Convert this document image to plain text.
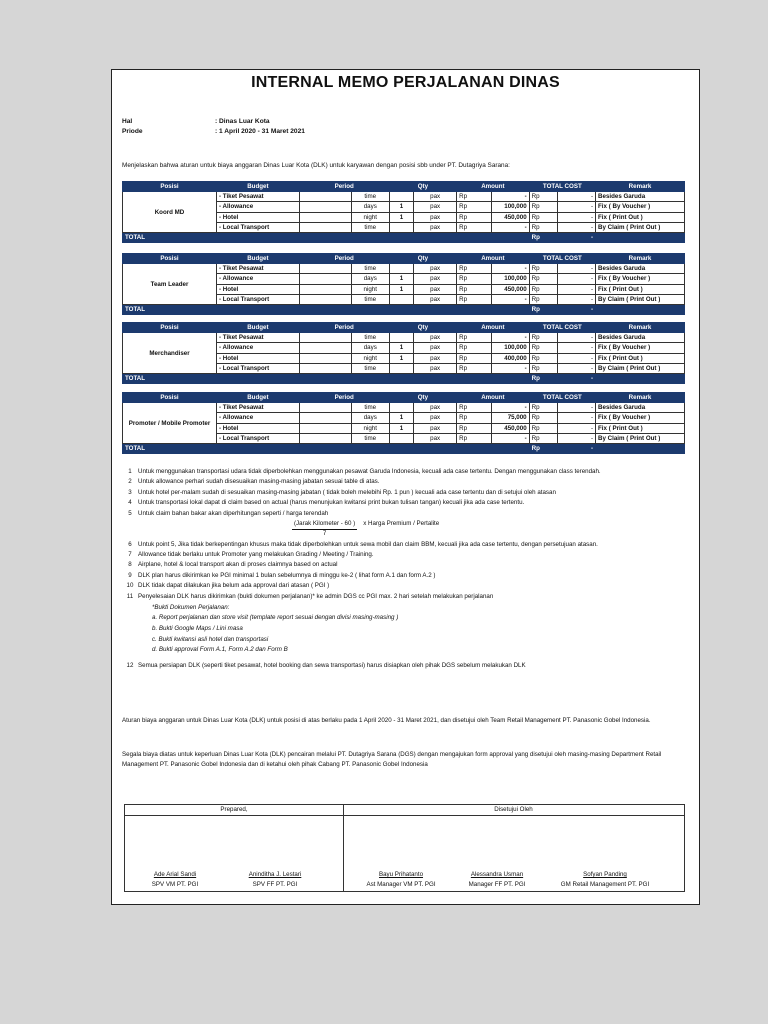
INTERNAL MEMO PERJALANAN DINAS
Hal	: Dinas Luar Kota
Priode	: 1 April 2020 - 31 Maret 2021
Menjelaskan bahwa aturan untuk biaya anggaran Dinas Luar Kota (DLK) untuk karyawan dengan posisi sbb under PT. Dutagriya Sarana:
Posisi	Budget	Period		Qty		Amount		TOTAL COST		Remark
Koord MD	- Tiket Pesawat		time		pax	Rp	-	Rp	-	Besides Garuda
	- Allowance		days	1	pax	Rp	100,000	Rp	-	Fix ( By Voucher )
	- Hotel		night	1	pax	Rp	450,000	Rp	-	Fix ( Print Out )
	- Local Transport		time		pax	Rp	-	Rp	-	By Claim ( Print Out )
TOTAL								Rp	-	
Posisi	Budget	Period		Qty		Amount		TOTAL COST		Remark
Team Leader	- Tiket Pesawat		time		pax	Rp	-	Rp	-	Besides Garuda
	- Allowance		days	1	pax	Rp	100,000	Rp	-	Fix ( By Voucher )
	- Hotel		night	1	pax	Rp	450,000	Rp	-	Fix ( Print Out )
	- Local Transport		time		pax	Rp	-	Rp	-	By Claim ( Print Out )
TOTAL								Rp	-	
Posisi	Budget	Period		Qty		Amount		TOTAL COST		Remark
Merchandiser	- Tiket Pesawat		time		pax	Rp	-	Rp	-	Besides Garuda
	- Allowance		days	1	pax	Rp	100,000	Rp	-	Fix ( By Voucher )
	- Hotel		night	1	pax	Rp	400,000	Rp	-	Fix ( Print Out )
	- Local Transport		time		pax	Rp	-	Rp	-	By Claim ( Print Out )
TOTAL								Rp	-	
Posisi	Budget	Period		Qty		Amount		TOTAL COST		Remark
Promoter / Mobile Promoter	- Tiket Pesawat		time		pax	Rp	-	Rp	-	Besides Garuda
	- Allowance		days	1	pax	Rp	75,000	Rp	-	Fix ( By Voucher )
	- Hotel		night	1	pax	Rp	450,000	Rp	-	Fix ( Print Out )
	- Local Transport		time		pax	Rp	-	Rp	-	By Claim ( Print Out )
TOTAL								Rp	-	
1	Untuk menggunakan transportasi udara tidak diperbolehkan menggunakan pesawat Garuda Indonesia, kecuali ada case tertentu. Dengan menggunakan class terendah.
2	Untuk allowance perhari sudah disesuaikan masing-masing jabatan sesuai table di atas.
3	Untuk hotel per-malam sudah di sesuaikan masing-masing jabatan ( tidak boleh melebihi Rp. 1 pun ) kecuali ada case tertentu dan di setujui oleh atasan
4	Untuk transportasi lokal dapat di claim based on actual (harus menunjukan kwitansi print bukan tulisan tangan) kecuali jika ada case tertentu.
5	Untuk claim bahan bakar akan diperhitungan seperti / harga terendah
$\frac{\text{(Jarak Kilometer - 60 )}}{7}$ x Harga Premium / Pertalite
6	Untuk point 5, Jika tidak berkepentingan khusus maka tidak diperbolehkan untuk sewa mobil dan claim BBM, kecuali jika ada case tertentu, dengan persetujuan atasan.
7	Allowance tidak berlaku untuk Promoter yang melakukan Grading / Meeting / Training.
8	Airplane, hotel & local transport akan di proses claimnya based on actual
9	DLK plan harus dikirimkan ke PGI minimal 1 bulan sebelumnya di minggu ke-2 ( lihat form A.1 dan form A.2 )
10 DLK tidak dapat dilakukan jika belum ada approval dari atasan ( PGI )
11 Penyelesaian DLK harus dikirimkan (bukti dokumen perjalanan)* ke admin DGS cc PGI max. 2 hari setelah melakukan perjalanan
*Bukti Dokumen Perjalanan:
a. Report perjalanan dan store visit (template report sesuai dengan divisi masing-masing )
b. Bukti Google Maps / Lini masa
c. Bukti kwitansi asli hotel dan transportasi
d. Bukti approval Form A.1, Form A.2 dan Form B
12 Semua persiapan DLK (seperti tiket pesawat, hotel booking dan sewa transportasi) harus disiapkan oleh pihak DGS sebelum melakukan DLK
Aturan biaya anggaran untuk Dinas Luar Kota (DLK) untuk posisi di atas berlaku pada 1 April 2020 - 31 Maret 2021, dan disetujui oleh Team Retail Management PT. Panasonic Gobel Indonesia.
Segala biaya diatas untuk keperluan Dinas Luar Kota (DLK) pencairan melalui PT. Dutagriya Sarana (DGS) dengan mengajukan form approval yang disetujui oleh masing-masing Department Retail Management PT. Panasonic Gobel Indonesia dan di ketahui oleh pihak Cabang PT. Panasonic Gobel Indonesia
Prepared,	Disetujui Oleh
Ade Arial Sandi
SPV VM PT. PGI
Aninditha J. Lestari
SPV FF PT. PGI
Bayu Prihatanto
Ast Manager VM PT. PGI
Alessandra Usman
Manager FF PT. PGI
Sofyan Panding
GM Retail Management PT. PGI
